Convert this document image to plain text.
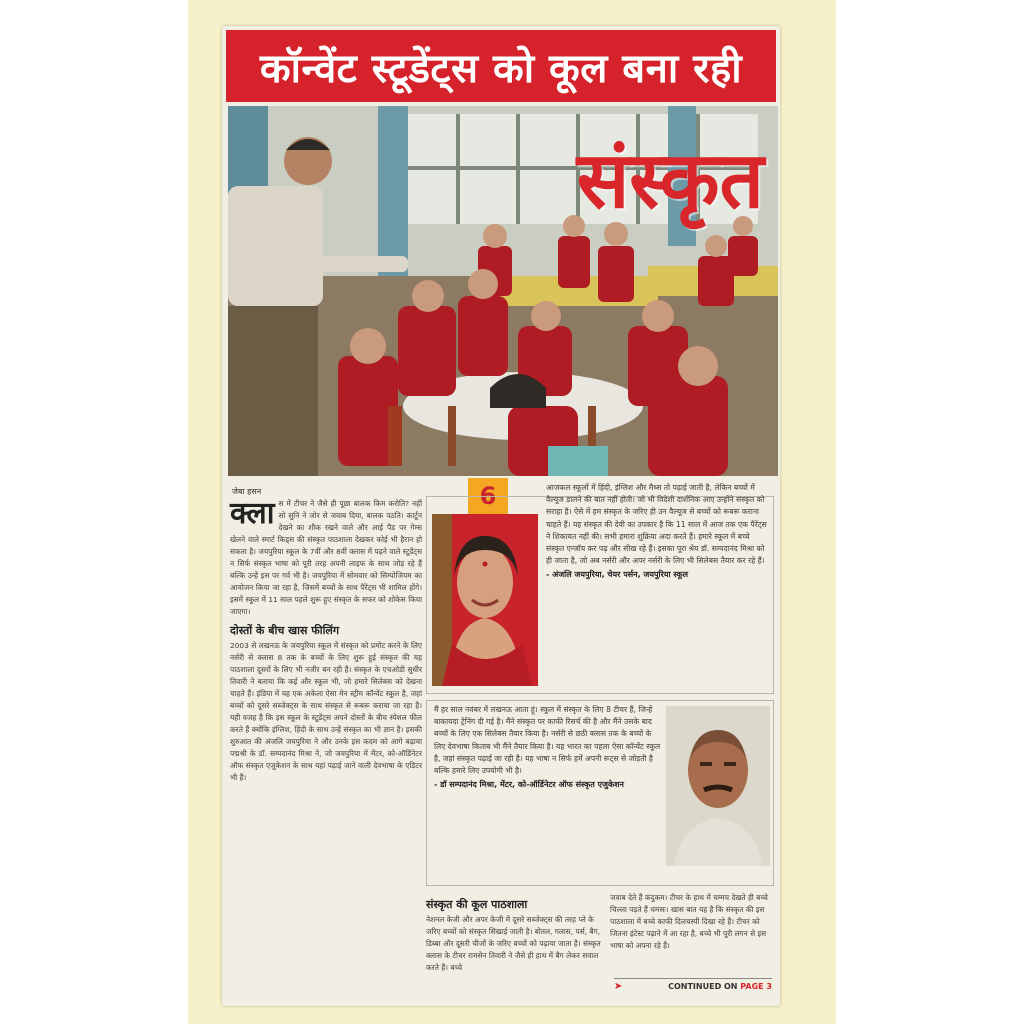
कॉन्वेंट स्टूडेंट्स को कूल बना रही
संस्कृत
जेबा हसन
क्ला स में टीचर ने जैसे ही पूछा बालक किम करोति? नहीं सो सुनि ने जोर से जवाब दिया, बालक पठति। कार्टून देखने का शौक रखने वाले और आई पैड पर गेम्स खेलने वाले स्मार्ट किड्स की संस्कृत पाठशाला देखकर कोई भी हैरान हो सकता है। जयपुरिया स्कूल के 7वीं और 8वीं क्लास में पढ़ने वाले स्टूडेंट्स न सिर्फ संस्कृत भाषा को पूरी तरह अपनी लाइफ के साथ जोड़ रहे हैं बल्कि उन्हें इस पर गर्व भी है। जयपुरिया में सोमवार को सिम्पोजियम का आयोजन किया जा रहा है, जिसमें बच्चों के साथ पैरेंट्स भी शामिल होंगे। इसमें स्कूल में 11 साल पहले शुरू हुए संस्कृत के सफर को शोकेस किया जाएगा।
दोस्तों के बीच खास फीलिंग
2003 से लखनऊ के जयपुरिया स्कूल में संस्कृत को प्रमोट करने के लिए नर्सरी से क्लास 8 तक के बच्चों के लिए शुरू हुई संस्कृत की यह पाठशाला दूसरों के लिए भी नजीर बन रही है। संस्कृत के एचओडी सुधीर तिवारी ने बताया कि कई और स्कूल भी, जो हमारे सिलेबस को देखना चाहते हैं। इंडिया में यह एक अकेला ऐसा मेन स्ट्रीम कॉन्वेंट स्कूल है, जहां बच्चों को दूसरे सब्जेक्ट्स के साथ संस्कृत से रूबरू कराया जा रहा है। यही वजह है कि इस स्कूल के स्टूडेंट्स अपने दोस्तों के बीच स्पेशल फील करते हैं क्योंकि इंग्लिश, हिंदी के साथ उन्हें संस्कृत का भी ज्ञान है। इसकी शुरुआत की अंजलि जयपुरिया ने और उनके इस कदम को आगे बढ़ाया पद्मश्री के डॉ. सम्पदानंद मिश्रा ने, जो जयपुरिया में मेंटर, को-ऑर्डिनेटर ऑफ संस्कृत एजुकेशन के साथ यहां पढ़ाई जाने वाली देवभाषा के एडिटर भी हैं।
6	आजकल स्कूलों में हिंदी, इंग्लिश और मैथ्स तो पढ़ाई जाती है, लेकिन बच्चों में वैल्यूज डालने की बात नहीं होती। जो भी विदेशी दार्शनिक आए उन्होंने संस्कृत को सराहा है। ऐसे में हम संस्कृत के जरिए ही उन वैल्यूज से बच्चों को रूबरू कराना चाहते हैं। यह संस्कृत की देवी का उपकार है कि 11 साल में आज तक एक पैरेंट्स ने शिकायत नहीं की। सभी हमारा शुक्रिया अदा करते हैं। हमारे स्कूल में बच्चे संस्कृत एन्जॉय कर पढ़ और सीख रहे हैं। इसका पूरा श्रेय डॉ. सम्पदानंद मिश्रा को ही जाता है, जो अब नर्सरी और अपर नर्सरी के लिए भी सिलेबस तैयार कर रहे हैं।
- अंजलि जयपुरिया, चेयर पर्सन, जयपुरिया स्कूल
मैं हर साल नवंबर में लखनऊ आता हूं। स्कूल में संस्कृत के लिए 8 टीचर हैं, जिन्हें बाकायदा ट्रेनिंग दी गई है। मैंने संस्कृत पर काफी रिसर्च की है और मैंने उसके बाद बच्चों के लिए एक सिलेबस तैयार किया है। नर्सरी से छठी क्लास तक के बच्चों के लिए देवभाषा किताब भी मैंने तैयार किया है। यह भारत का पहला ऐसा कॉन्वेंट स्कूल है, जहां संस्कृत पढ़ाई जा रही है। यह भाषा न सिर्फ हमें अपनी रूट्स से जोड़ती है बल्कि हमारे लिए उपयोगी भी है।
- डॉ सम्पदानंद मिश्रा, मेंटर, को-ऑर्डिनेटर ऑफ संस्कृत एजुकेशन
संस्कृत की कूल पाठशाला
नेशनल केजी और अपर केजी में दूसरे सब्जेक्ट्स की तरह प्ले के जरिए बच्चों को संस्कृत सिखाई जाती है। बोतल, गलास, पर्स, बैग, डिब्बा और दूसरी चीजों के जरिए बच्चों को पढ़ाया जाता है। संस्कृत क्लास के टीचर रामसेन तिवारी ने जैसे ही हाथ में बैग लेकर सवाल करते हैं। बच्चे
जवाब देते हैं कंदुकम। टीचर के हाथ में चम्मच देखते ही बच्चे चिल्ला पड़ते हैं चमसः। खास बात यह है कि संस्कृत की इस पाठशाला में बच्चे काफी दिलचस्पी दिखा रहे हैं। टीचर को जितना इंटेस्ट पढ़ाने में आ रहा है, बच्चे भी पूरी लगन से इस भाषा को अपना रहे हैं।
➤	CONTINUED ON PAGE 3
